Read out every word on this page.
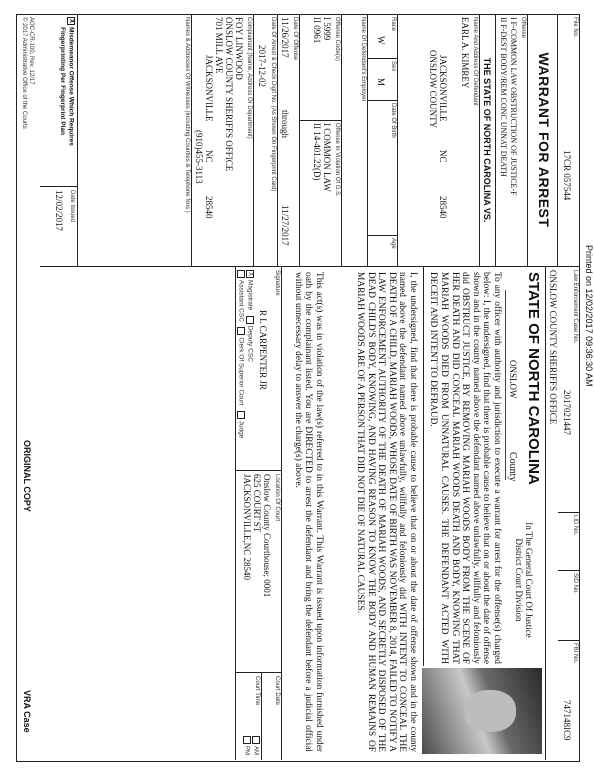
Printed on 12/02/2017 09:36:30 AM
File No.
17CR 057544
WARRANT FOR ARREST
Offense
I F-COMMON LAW OBSTRUCTION OF JUSTICE-F
II F-DEST BODY/REM CONC UNNAT DEATH
THE STATE OF NORTH CAROLINA VS.
Name And Address Of Defendant
EARL A. KIMREY
JACKSONVILLE
NC
28540
ONSLOW COUNTY
Race
W
Sex
M
Date Of Birth
Age
Name Of Defendant's Employer
Offense Code(s)
I 5999
II 0961
Offense In Violation Of G.S.
I COMMON LAW
II 14-401.22(D)
Date Of Offense
11/26/2017
through
11/27/2017
Date Of Arrest & Check Digit No. (As Shown On Fingerprint Card)
2017-12-02
Complainant (Name, Address Or Department)
FOY LINWOOD
ONSLOW COUNTY SHERIFFS OFFICE
701 MILL AVE
JACKSONVILLE
NC
28540
(910)455-3113
Names & Addresses Of Witnesses (Including Counties & Telephone Nos.)
XMisdemeanor Offense Which Requires
Fingerprinting Per Fingerprint Plan
AOC-CR-100, Rev. 12/17
© 2017 Administrative Office of the Courts
Law Enforcement Case No.
2017021447
LID No.
SID No.
FBI No.
747148IC9
ONSLOW COUNTY SHERIFFS OFFICE
STATE OF NORTH CAROLINA
ONSLOW
County
In The General Court Of Justice
District Court Division
To any officer with authority and jurisdiction to execute a warrant for arrest for the offense(s) charged below: I, the undersigned, find that there is probable cause to believe that on or about the date of offense shown and in the county named above the defendant named above unlawfully, willfully and feloniously did OBSTRUCT JUSTICE, BY REMOVING MARIAH WOODS BODY FROM THE SCENE OF HER DEATH AND DID CONCEAL MARIAH WOODS DEATH AND BODY, KNOWING THAT MARIAH WOODS DIED FROM UNNATURAL CAUSES. THE DEFENDANT ACTED WITH DECEIT AND INTENT TO DEFRAUD.
I, the undersigned, find that there is probable cause to believe that on or about the date of offense shown and in the county named above the defendant named above unlawfully, willfully and feloniously did WITH INTENT TO CONCEAL THE DEATH OF A CHILD, MARIAH WOODS, WHOSE DATE OF BIRTH WAS NOVEMBER 8, 2014, FAILED TO NOTIFY A LAW ENFORCEMENT AUTHORITY OF THE DEATH OF MARIAH WOODS, AND SECRETLY DISPOSED OF THE DEAD CHILD'S BODY, KNOWING, AND HAVING REASON TO KNOW THE BODY AND HUMAN REMAINS OF MARIAH WOODS ARE OF A PERSON THAT DID NOT DIE OF NATURAL CAUSES.
This act(s) was in violation of the law(s) referred to in this Warrant. This Warrant is issued upon information furnished under oath by the complainant listed. You are DIRECTED to arrest the defendant and bring the defendant before a judicial official without unnecessary delay to answer the charge(s) above.
Signature
R L CARPENTER JR
XMagistrate   Deputy CSC
Assistant CSC   Clerk Of Superior Court   Judge
Date Issued
12/02/2017
Location Of Court
Onslow County Courthouse; 0001
625 COURT ST
JACKSONVILLE,NC 28540
Court Date
Court Time
AM
PM
ORIGINAL COPY
VRA Case
